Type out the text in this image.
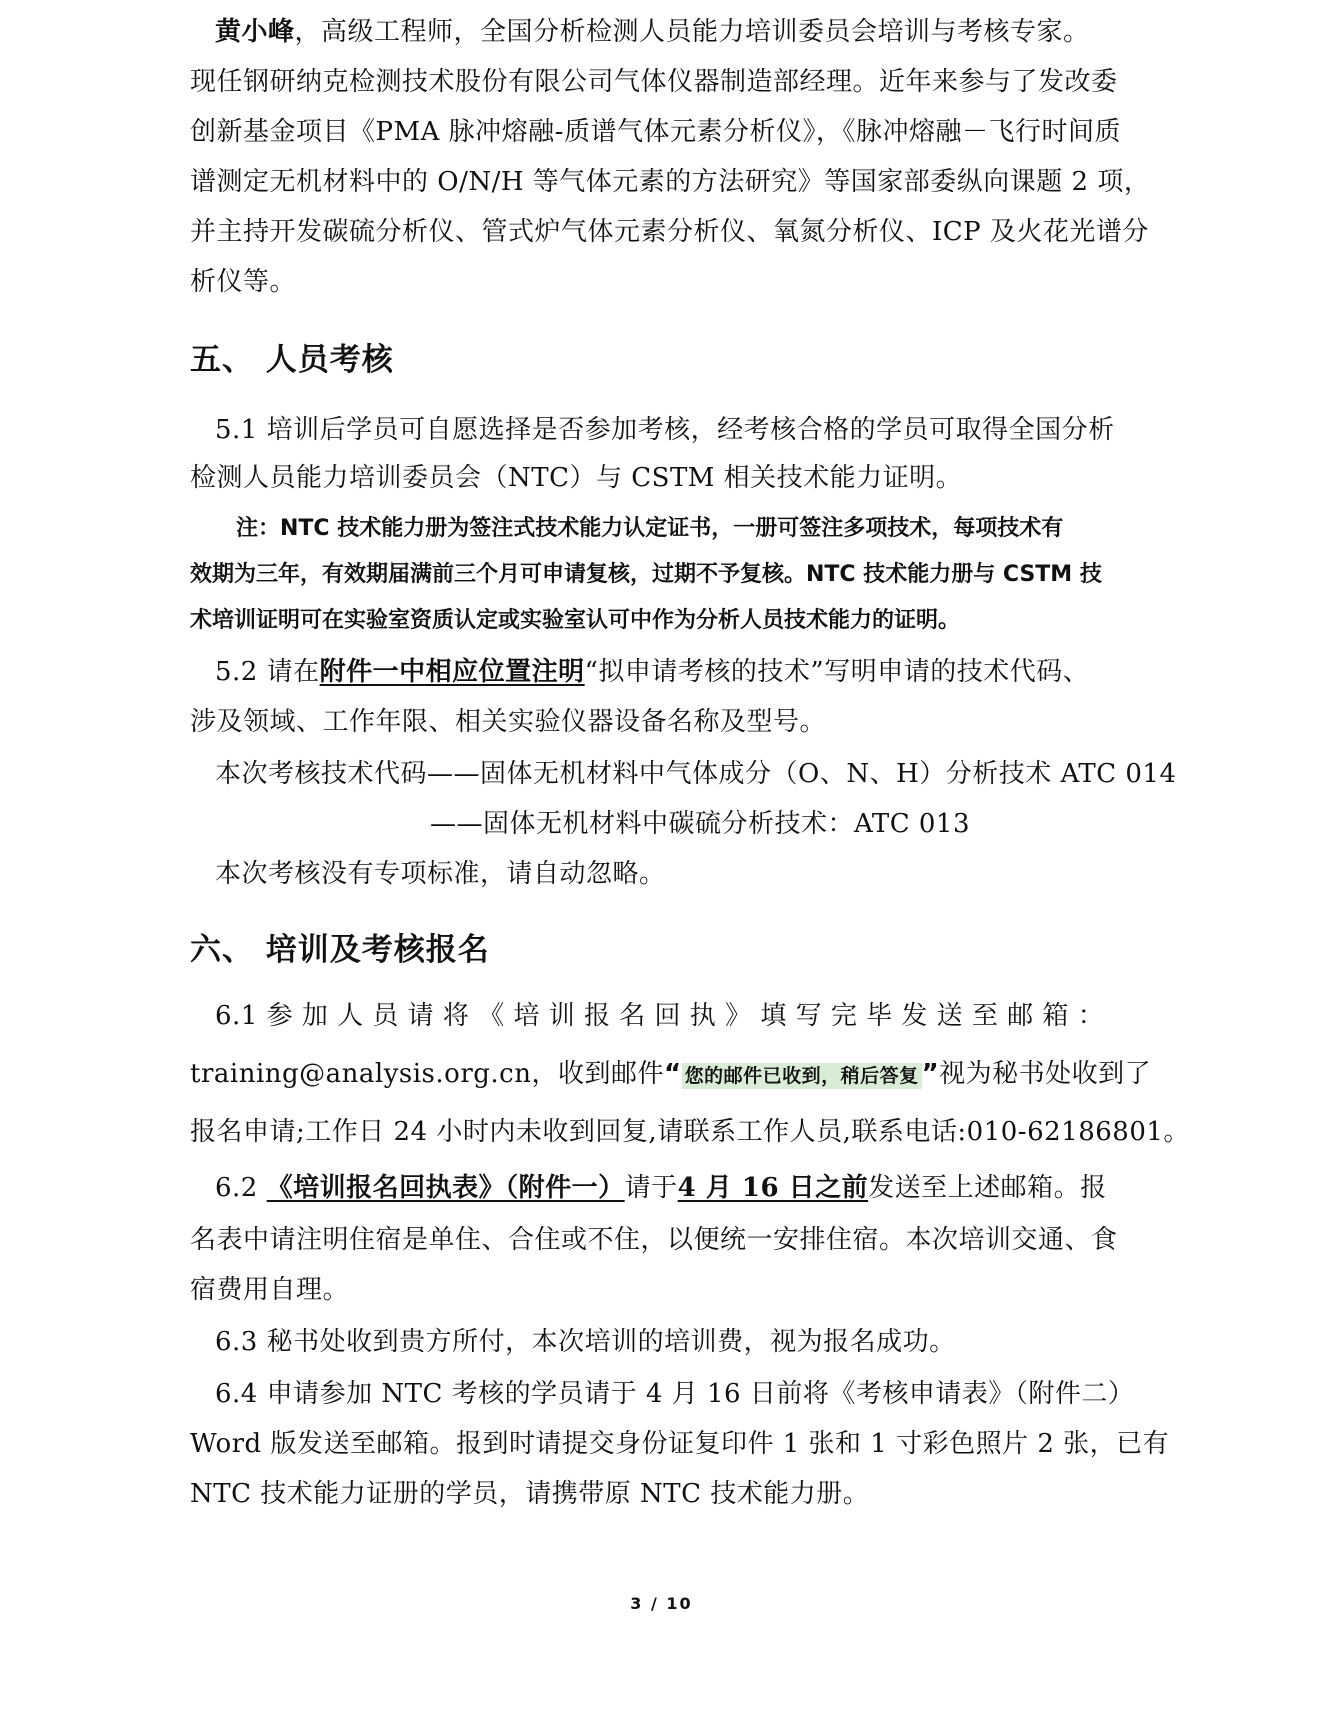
黄小峰，高级工程师，全国分析检测人员能力培训委员会培训与考核专家。
现任钢研纳克检测技术股份有限公司气体仪器制造部经理。近年来参与了发改委
创新基金项目《PMA 脉冲熔融-质谱气体元素分析仪》，《脉冲熔融－飞行时间质
谱测定无机材料中的 O/N/H 等气体元素的方法研究》等国家部委纵向课题 2 项，
并主持开发碳硫分析仪、管式炉气体元素分析仪、氧氮分析仪、ICP 及火花光谱分
析仪等。
五、 人员考核
5.1 培训后学员可自愿选择是否参加考核，经考核合格的学员可取得全国分析
检测人员能力培训委员会（NTC）与 CSTM 相关技术能力证明。
注：NTC 技术能力册为签注式技术能力认定证书，一册可签注多项技术，每项技术有
效期为三年，有效期届满前三个月可申请复核，过期不予复核。NTC 技术能力册与 CSTM 技
术培训证明可在实验室资质认定或实验室认可中作为分析人员技术能力的证明。
5.2 请在附件一中相应位置注明“拟申请考核的技术”写明申请的技术代码、
涉及领域、工作年限、相关实验仪器设备名称及型号。
本次考核技术代码——固体无机材料中气体成分（O、N、H）分析技术 ATC 014
——固体无机材料中碳硫分析技术：ATC 013
本次考核没有专项标准，请自动忽略。
六、 培训及考核报名
6.1 参 加 人 员 请 将 《 培 训 报 名 回 执 》 填 写 完 毕 发 送 至 邮 箱 ：
training@analysis.org.cn，收到邮件“ 您的邮件已收到，稍后答复 ”视为秘书处收到了
报名申请;工作日 24 小时内未收到回复,请联系工作人员,联系电话:010-62186801。
6.2 《培训报名回执表》（附件一）请于4 月 16 日之前发送至上述邮箱。报
名表中请注明住宿是单住、合住或不住，以便统一安排住宿。本次培训交通、食
宿费用自理。
6.3 秘书处收到贵方所付，本次培训的培训费，视为报名成功。
6.4 申请参加 NTC 考核的学员请于 4 月 16 日前将《考核申请表》（附件二）
Word 版发送至邮箱。报到时请提交身份证复印件 1 张和 1 寸彩色照片 2 张，已有
NTC 技术能力证册的学员，请携带原 NTC 技术能力册。
3 / 10
